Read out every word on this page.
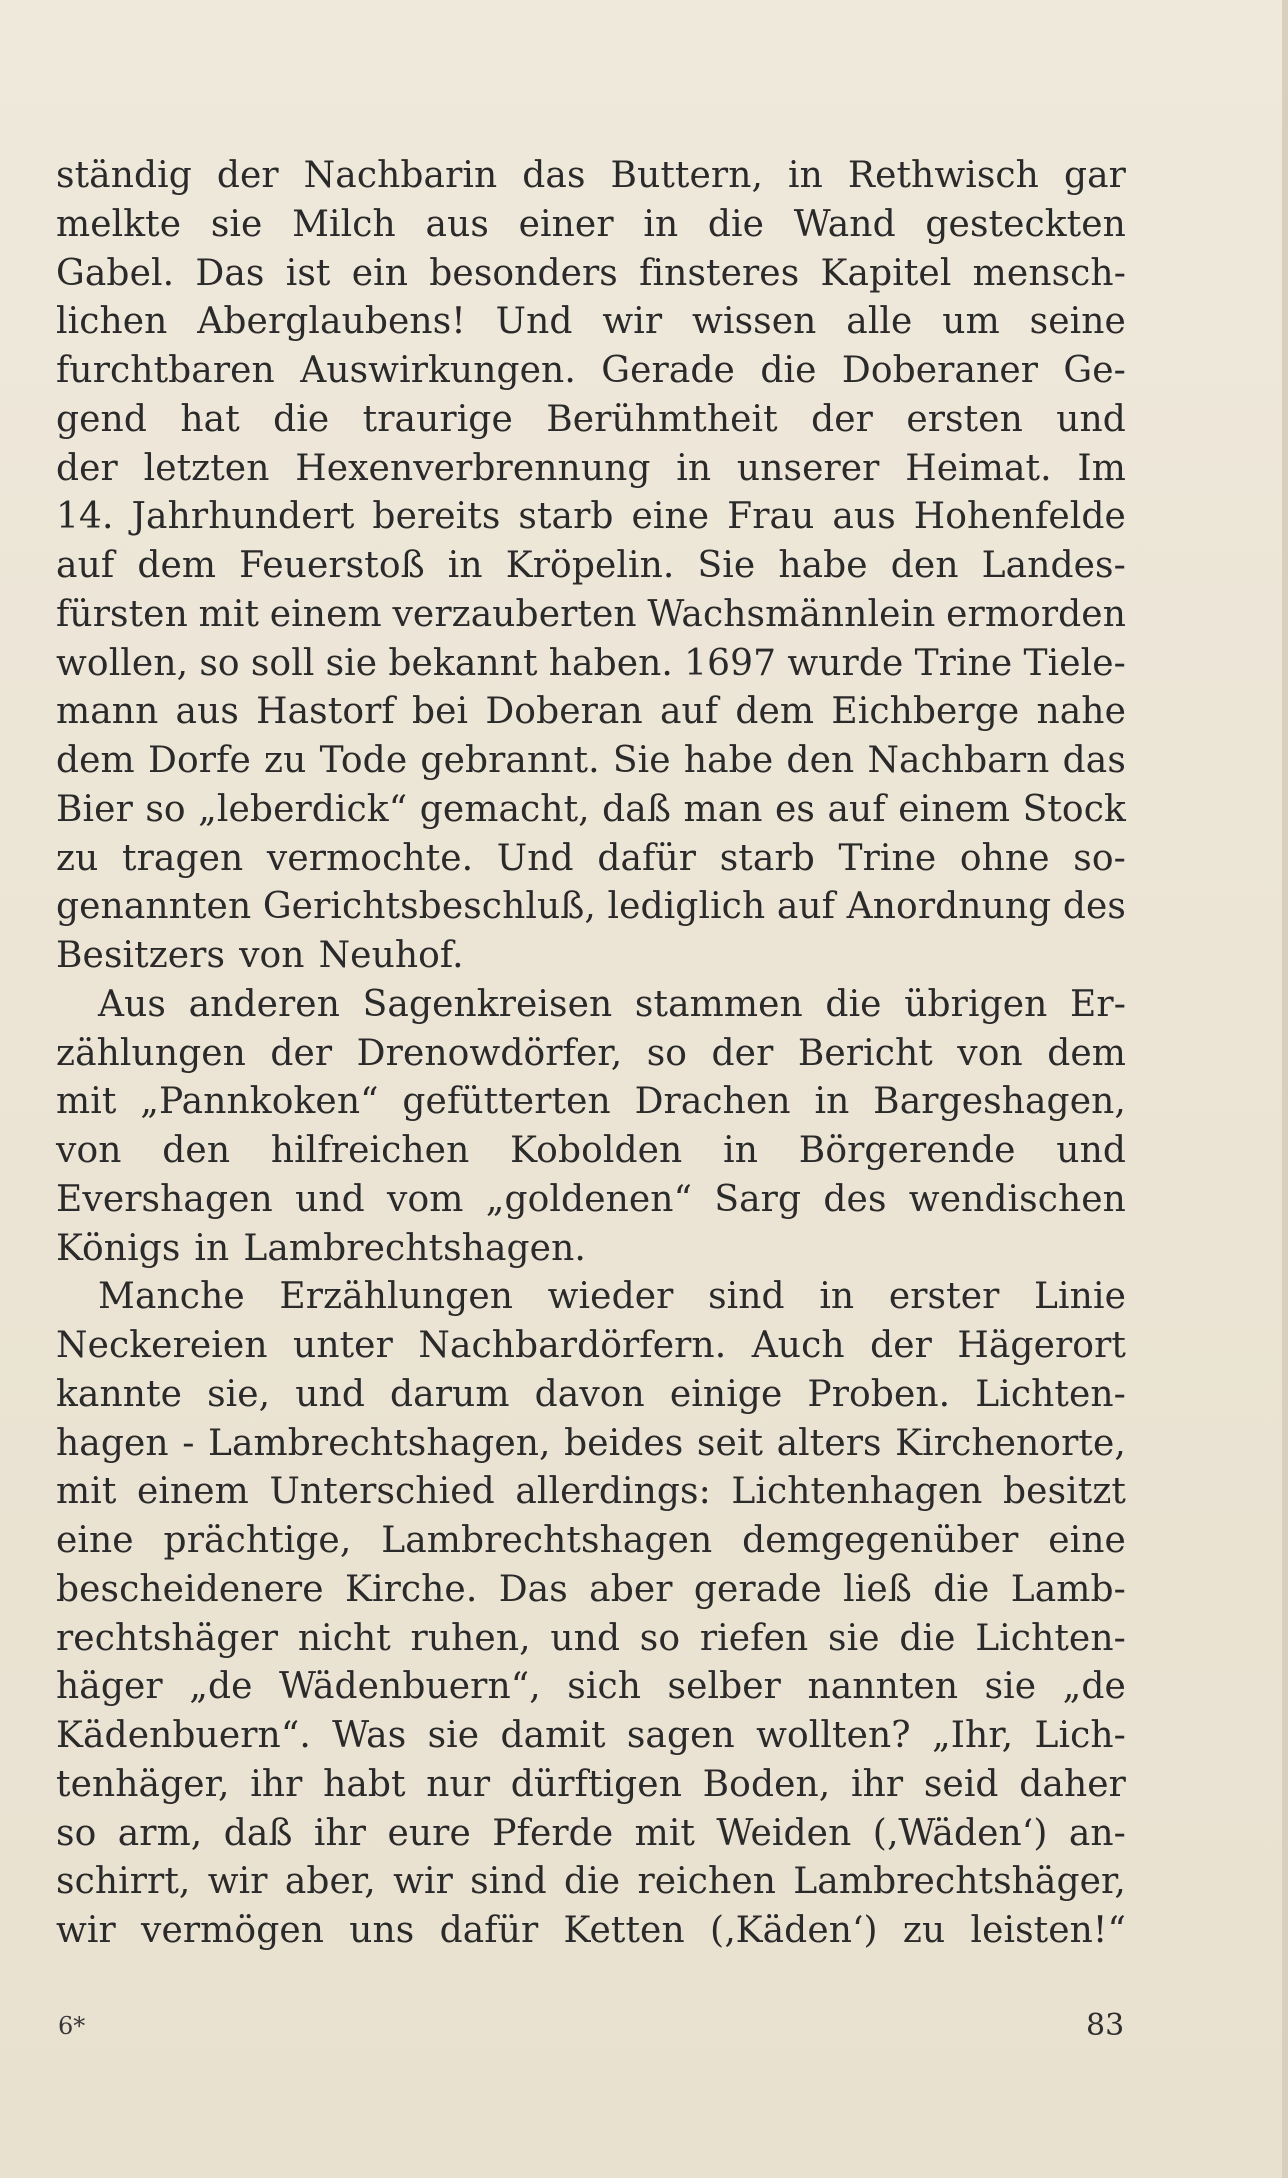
ständig der Nachbarin das Buttern, in Rethwisch gar
melkte sie Milch aus einer in die Wand gesteckten
Gabel. Das ist ein besonders finsteres Kapitel mensch-
lichen Aberglaubens! Und wir wissen alle um seine
furchtbaren Auswirkungen. Gerade die Doberaner Ge-
gend hat die traurige Berühmtheit der ersten und
der letzten Hexenverbrennung in unserer Heimat. Im
14. Jahrhundert bereits starb eine Frau aus Hohenfelde
auf dem Feuerstoß in Kröpelin. Sie habe den Landes-
fürsten mit einem verzauberten Wachsmännlein ermorden
wollen, so soll sie bekannt haben. 1697 wurde Trine Tiele-
mann aus Hastorf bei Doberan auf dem Eichberge nahe
dem Dorfe zu Tode gebrannt. Sie habe den Nachbarn das
Bier so „leberdick“ gemacht, daß man es auf einem Stock
zu tragen vermochte. Und dafür starb Trine ohne so-
genannten Gerichtsbeschluß, lediglich auf Anordnung des
Besitzers von Neuhof.
Aus anderen Sagenkreisen stammen die übrigen Er-
zählungen der Drenowdörfer, so der Bericht von dem
mit „Pannkoken“ gefütterten Drachen in Bargeshagen,
von den hilfreichen Kobolden in Börgerende und
Evershagen und vom „goldenen“ Sarg des wendischen
Königs in Lambrechtshagen.
Manche Erzählungen wieder sind in erster Linie
Neckereien unter Nachbardörfern. Auch der Hägerort
kannte sie, und darum davon einige Proben. Lichten-
hagen - Lambrechtshagen, beides seit alters Kirchenorte,
mit einem Unterschied allerdings: Lichtenhagen besitzt
eine prächtige, Lambrechtshagen demgegenüber eine
bescheidenere Kirche. Das aber gerade ließ die Lamb-
rechtshäger nicht ruhen, und so riefen sie die Lichten-
häger „de Wädenbuern“, sich selber nannten sie „de
Kädenbuern“. Was sie damit sagen wollten? „Ihr, Lich-
tenhäger, ihr habt nur dürftigen Boden, ihr seid daher
so arm, daß ihr eure Pferde mit Weiden (‚Wäden‘) an-
schirrt, wir aber, wir sind die reichen Lambrechtshäger,
wir vermögen uns dafür Ketten (‚Käden‘) zu leisten!“
6*	83
